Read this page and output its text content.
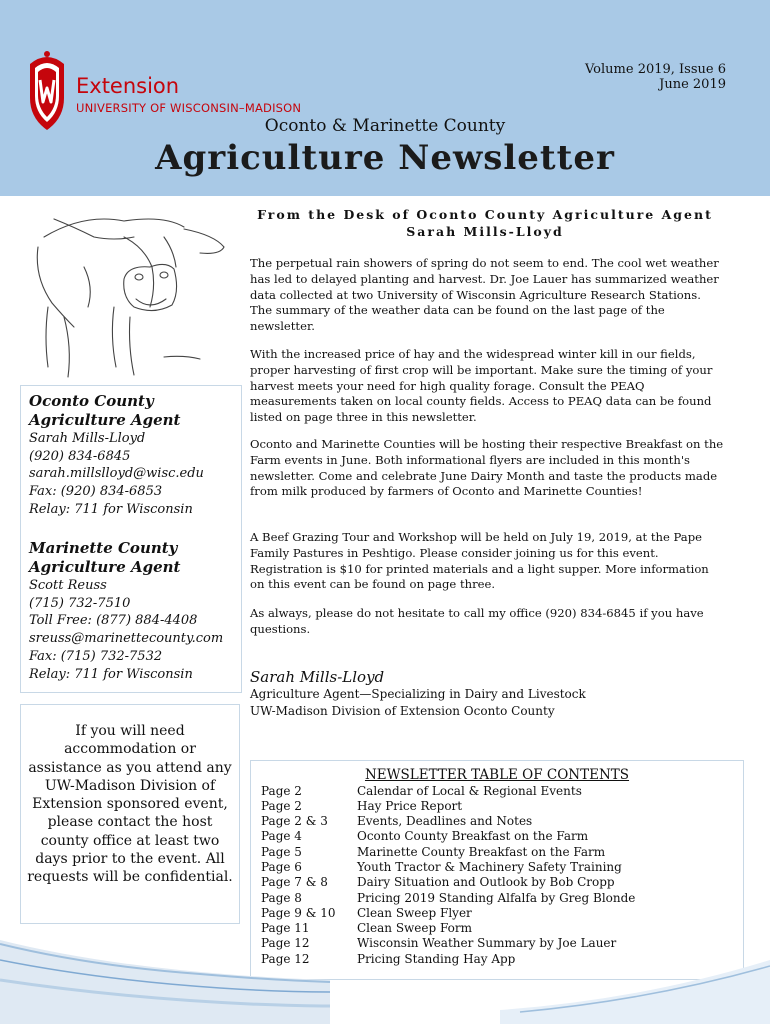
Extension
UNIVERSITY OF WISCONSIN–MADISON
Volume 2019, Issue 6
June 2019
Oconto & Marinette County
Agriculture Newsletter
Oconto County
Agriculture Agent
Sarah Mills-Lloyd
(920) 834-6845
sarah.millslloyd@wisc.edu
Fax: (920) 834-6853
Relay: 711 for Wisconsin
Marinette County
Agriculture Agent
Scott Reuss
(715) 732-7510
Toll Free: (877) 884-4408
sreuss@marinettecounty.com
Fax: (715) 732-7532
Relay: 711 for Wisconsin
If you will need accommodation or assistance as you attend any UW-Madison Division of Extension sponsored event, please contact the host county office at least two days prior to the event. All requests will be confidential.
From the Desk of Oconto County Agriculture Agent
Sarah Mills-Lloyd
The perpetual rain showers of spring do not seem to end. The cool wet weather has led to delayed planting and harvest. Dr. Joe Lauer has summarized weather data collected at two University of Wisconsin Agriculture Research Stations. The summary of the weather data can be found on the last page of the newsletter.
With the increased price of hay and the widespread winter kill in our fields, proper harvesting of first crop will be important. Make sure the timing of your harvest meets your need for high quality forage. Consult the PEAQ measurements taken on local county fields. Access to PEAQ data can be found listed on page three in this newsletter.
Oconto and Marinette Counties will be hosting their respective Breakfast on the Farm events in June. Both informational flyers are included in this month's newsletter. Come and celebrate June Dairy Month and taste the products made from milk produced by farmers of Oconto and Marinette Counties!
A Beef Grazing Tour and Workshop will be held on July 19, 2019, at the Pape Family Pastures in Peshtigo. Please consider joining us for this event. Registration is $10 for printed materials and a light supper. More information on this event can be found on page three.
As always, please do not hesitate to call my office (920) 834-6845 if you have questions.
Sarah Mills-Lloyd
Agriculture Agent—Specializing in Dairy and Livestock
UW-Madison Division of Extension Oconto County
NEWSLETTER TABLE OF CONTENTS
Page 2	Calendar of Local & Regional Events
Page 2	Hay Price Report
Page 2 & 3 Events, Deadlines and Notes
Page 4	Oconto County Breakfast on the Farm
Page 5	Marinette County Breakfast on the Farm
Page 6	Youth Tractor & Machinery Safety Training
Page 7 & 8 Dairy Situation and Outlook by Bob Cropp
Page 8	Pricing 2019 Standing Alfalfa by Greg Blonde
Page 9 & 10 Clean Sweep Flyer
Page 11	Clean Sweep Form
Page 12	Wisconsin Weather Summary by Joe Lauer
Page 12	Pricing Standing Hay App
